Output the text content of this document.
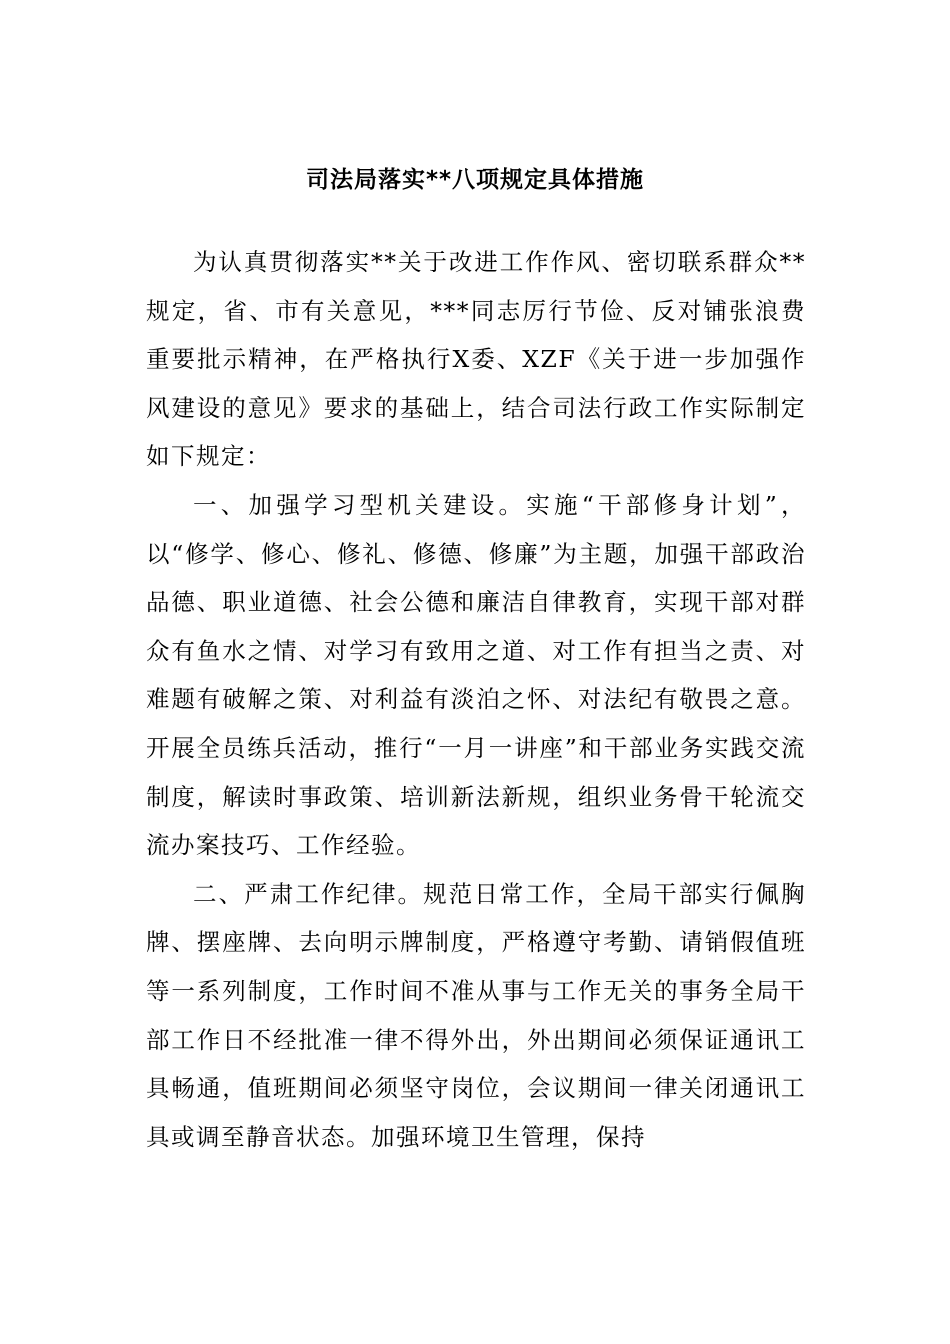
司法局落实**八项规定具体措施

为认真贯彻落实**关于改进工作作风、密切联系群众**规定，省、市有关意见，***同志厉行节俭、反对铺张浪费重要批示精神，在严格执行X委、XZF《关于进一步加强作风建设的意见》要求的基础上，结合司法行政工作实际制定如下规定：

一、加强学习型机关建设。实施“干部修身计划”，以“修学、修心、修礼、修德、修廉”为主题，加强干部政治品德、职业道德、社会公德和廉洁自律教育，实现干部对群众有鱼水之情、对学习有致用之道、对工作有担当之责、对难题有破解之策、对利益有淡泊之怀、对法纪有敬畏之意。开展全员练兵活动，推行“一月一讲座”和干部业务实践交流制度，解读时事政策、培训新法新规，组织业务骨干轮流交流办案技巧、工作经验。

二、严肃工作纪律。规范日常工作，全局干部实行佩胸牌、摆座牌、去向明示牌制度，严格遵守考勤、请销假值班等一系列制度，工作时间不准从事与工作无关的事务全局干部工作日不经批准一律不得外出，外出期间必须保证通讯工具畅通，值班期间必须坚守岗位，会议期间一律关闭通讯工具或调至静音状态。加强环境卫生管理，保持
